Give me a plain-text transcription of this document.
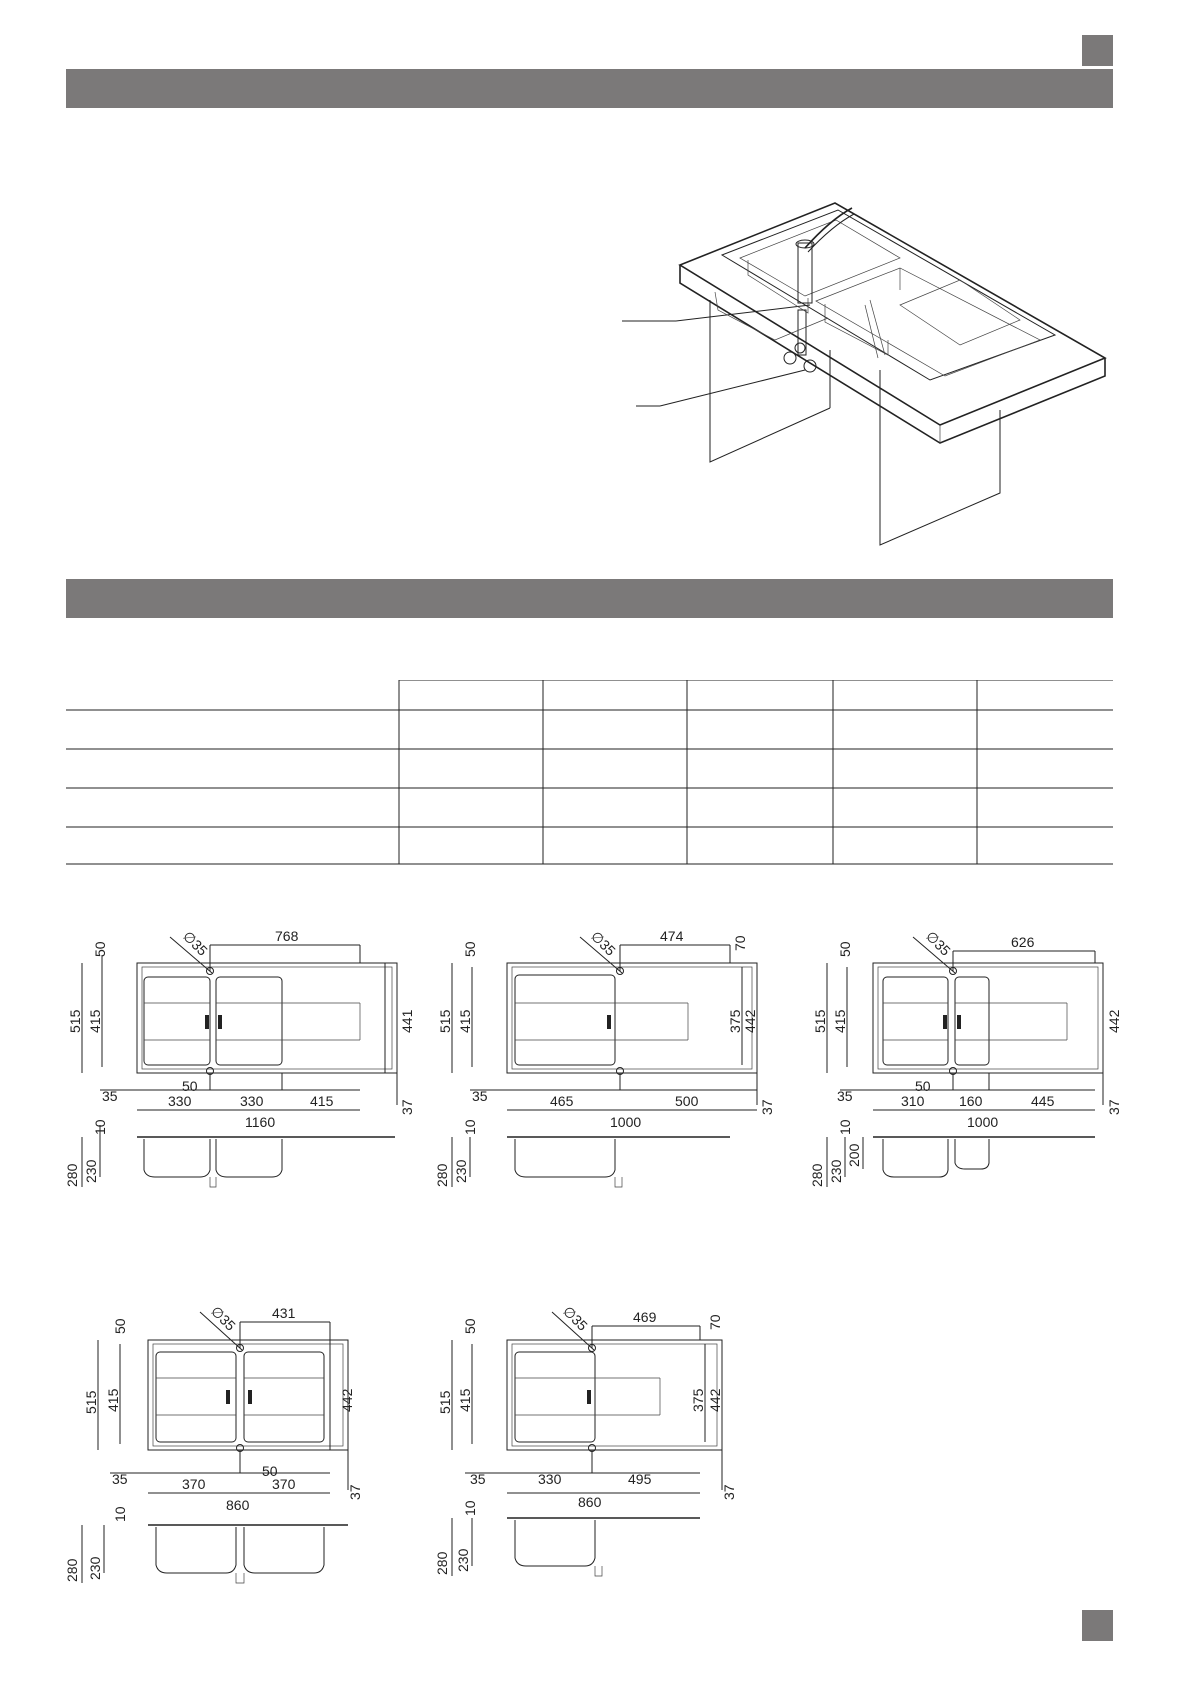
50	∅35	768
515 415	441
35
50
330	330	415
1160
37
10
280 230
50	∅35	474	70
515 415	375 442
35	465	500
1000
37
10
280 230
50	∅35	626
515 415	442
35
50
310 160	445
1000
37
10
280 230
200
50	∅35 431
515 415	442
35	50
370	370
860
37
10
280 230
50	∅35	469	70
515 415	375 442
35	330	495
860
37
10
280 230
